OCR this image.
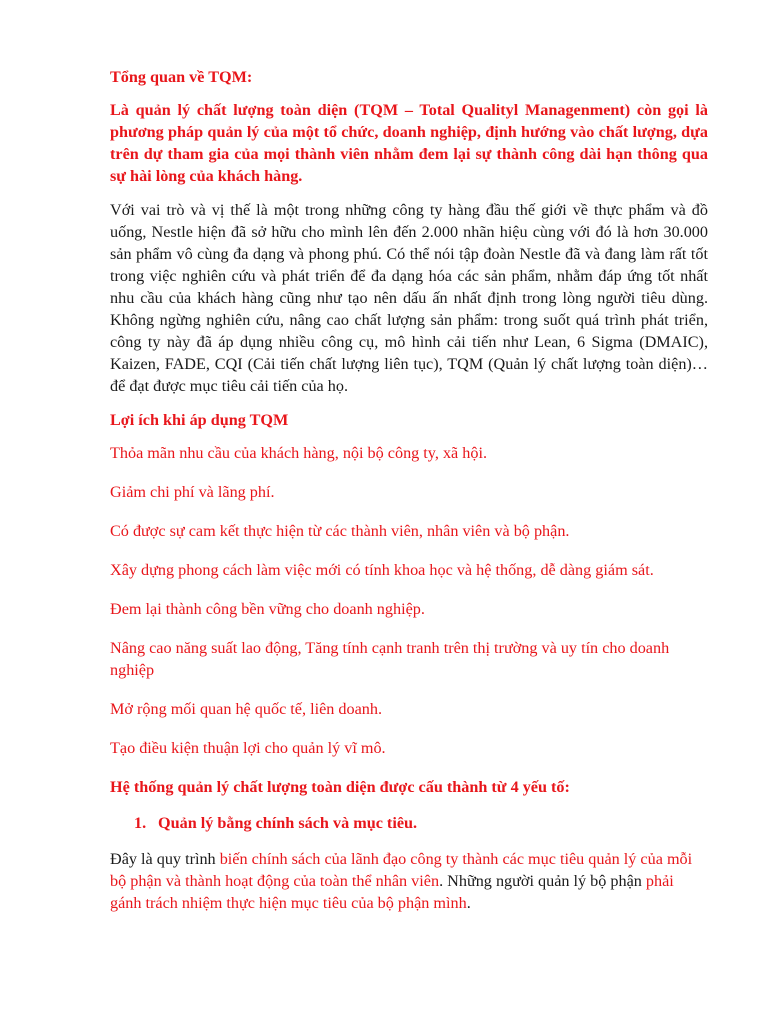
Tổng quan về TQM:

Là quản lý chất lượng toàn diện (TQM – Total Qualityl Managenment) còn gọi là phương pháp quản lý của một tổ chức, doanh nghiệp, định hướng vào chất lượng, dựa trên dự tham gia của mọi thành viên nhằm đem lại sự thành công dài hạn thông qua sự hài lòng của khách hàng.

Với vai trò và vị thế là một trong những công ty hàng đầu thế giới về thực phẩm và đồ uống, Nestle hiện đã sở hữu cho mình lên đến 2.000 nhãn hiệu cùng với đó là hơn 30.000 sản phẩm vô cùng đa dạng và phong phú. Có thể nói tập đoàn Nestle đã và đang làm rất tốt trong việc nghiên cứu và phát triển để đa dạng hóa các sản phẩm, nhằm đáp ứng tốt nhất nhu cầu của khách hàng cũng như tạo nên dấu ấn nhất định trong lòng người tiêu dùng. Không ngừng nghiên cứu, nâng cao chất lượng sản phẩm: trong suốt quá trình phát triển, công ty này đã áp dụng nhiều công cụ, mô hình cải tiến như Lean, 6 Sigma (DMAIC), Kaizen, FADE, CQI (Cải tiến chất lượng liên tục), TQM (Quản lý chất lượng toàn diện)… để đạt được mục tiêu cải tiến của họ.

Lợi ích khi áp dụng TQM

Thỏa mãn nhu cầu của khách hàng, nội bộ công ty, xã hội.

Giảm chi phí và lãng phí.

Có được sự cam kết thực hiện từ các thành viên, nhân viên và bộ phận.

Xây dựng phong cách làm việc mới có tính khoa học và hệ thống, dễ dàng giám sát.

Đem lại thành công bền vững cho doanh nghiệp.

Nâng cao năng suất lao động, Tăng tính cạnh tranh trên thị trường và uy tín cho doanh nghiệp

Mở rộng mối quan hệ quốc tế, liên doanh.

Tạo điều kiện thuận lợi cho quản lý vĩ mô.

Hệ thống quản lý chất lượng toàn diện được cấu thành từ 4 yếu tố:

1. Quản lý bằng chính sách và mục tiêu.

Đây là quy trình biến chính sách của lãnh đạo công ty thành các mục tiêu quản lý của mỗi bộ phận và thành hoạt động của toàn thể nhân viên. Những người quản lý bộ phận phải gánh trách nhiệm thực hiện mục tiêu của bộ phận mình.
